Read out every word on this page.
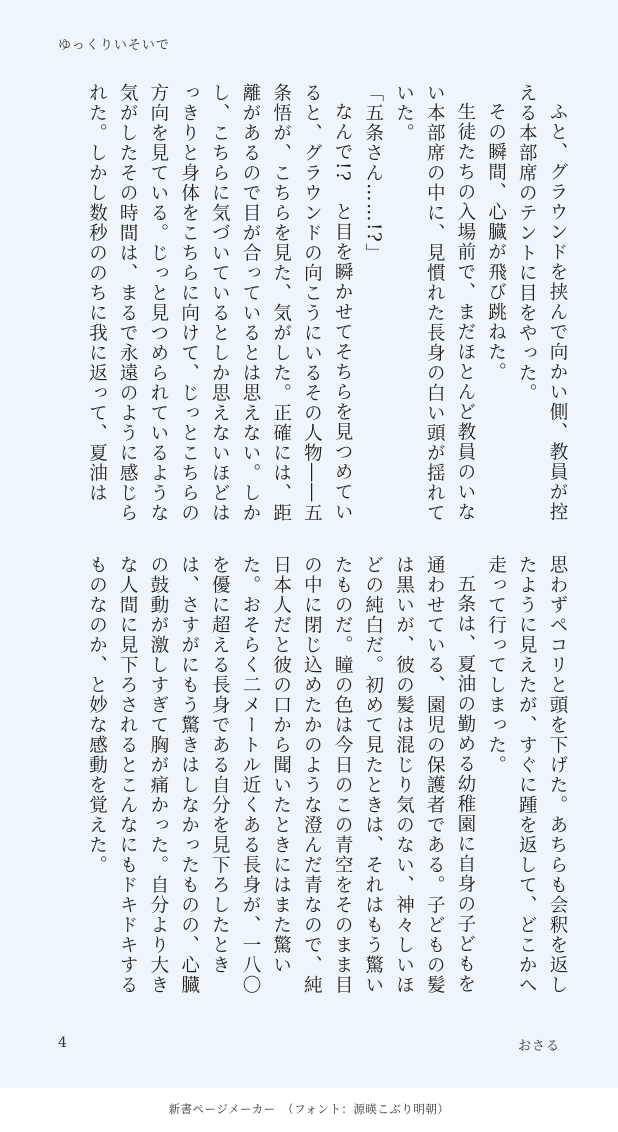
ゆっくりいそいで

ふと、グラウンドを挟んで向かい側、教員が控える本部席のテントに目をやった。

その瞬間、心臓が飛び跳ねた。

生徒たちの入場前で、まだほとんど教員のいない本部席の中に、見慣れた長身の白い頭が揺れていた。

「五条さん……!?」

なんで!?　と目を瞬かせてそちらを見つめていると、グラウンドの向こうにいるその人物――五条悟が、こちらを見た、気がした。正確には、距離があるので目が合っているとは思えない。しかし、こちらに気づいているとしか思えないほどはっきりと身体をこちらに向けて、じっとこちらの方向を見ている。じっと見つめられているような気がしたその時間は、まるで永遠のように感じられた。しかし数秒ののちに我に返って、夏油は

思わずペコリと頭を下げた。あちらも会釈を返したように見えたが、すぐに踵を返して、どこかへ走って行ってしまった。

五条は、夏油の勤める幼稚園に自身の子どもを通わせている、園児の保護者である。子どもの髪は黒いが、彼の髪は混じり気のない、神々しいほどの純白だ。初めて見たときは、それはもう驚いたものだ。瞳の色は今日のこの青空をそのまま目の中に閉じ込めたかのような澄んだ青なので、純日本人だと彼の口から聞いたときにはまた驚いた。おそらく二メートル近くある長身が、一八〇を優に超える長身である自分を見下ろしたときは、さすがにもう驚きはしなかったものの、心臓の鼓動が激しすぎて胸が痛かった。自分より大きな人間に見下ろされるとこんなにもドキドキするものなのか、と妙な感動を覚えた。

4	おさる
新書ページメーカー　（フォント：源暎こぶり明朝）
